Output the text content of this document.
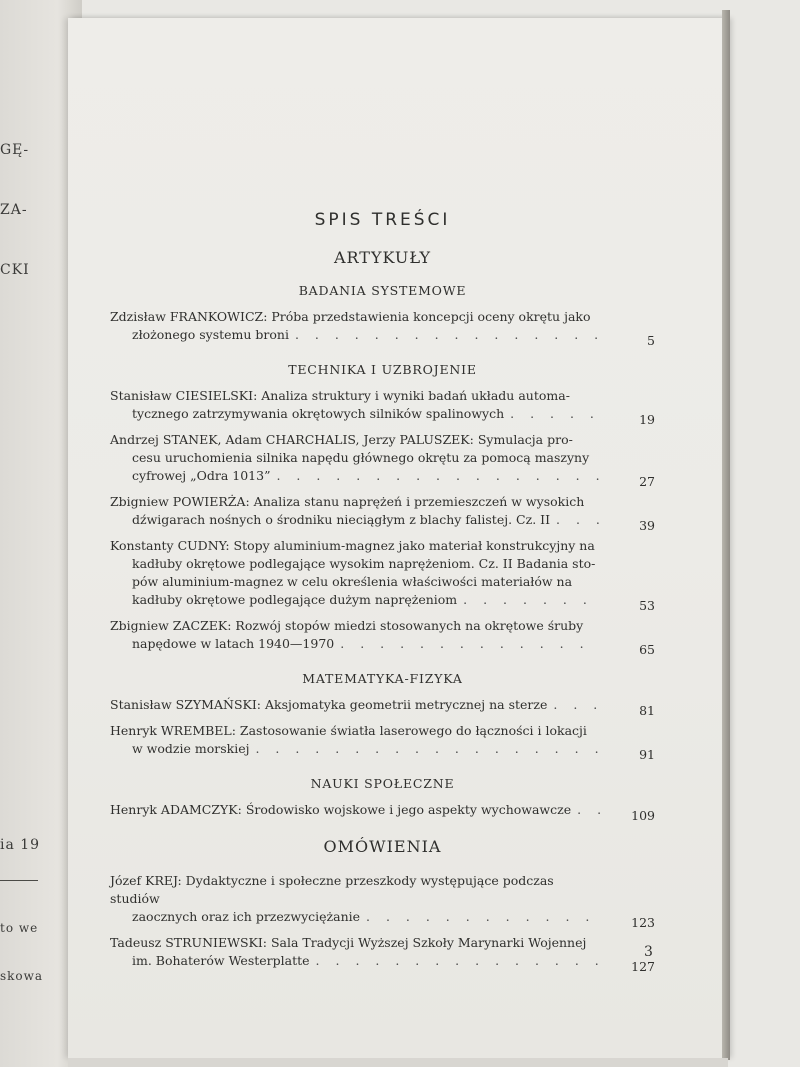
GĘ-

ZA-

CKI

ia 19

to we

skowa

SPIS TREŚCI
ARTYKUŁY
BADANIA SYSTEMOWE
Zdzisław FRANKOWICZ: Próba przedstawienia koncepcji oceny okrętu jako
złożonego systemu broni . . .	5
TECHNIKA I UZBROJENIE
Stanisław CIESIELSKI: Analiza struktury i wyniki badań układu automa-
tycznego zatrzymywania okrętowych silników spalinowych . . .	19
Andrzej STANEK, Adam CHARCHALIS, Jerzy PALUSZEK: Symulacja pro-
cesu uruchomienia silnika napędu głównego okrętu za pomocą maszyny
cyfrowej „Odra 1013” . . .	27
Zbigniew POWIERŻA: Analiza stanu naprężeń i przemieszczeń w wysokich
dźwigarach nośnych o środniku nieciągłym z blachy falistej. Cz. II . . .	39
Konstanty CUDNY: Stopy aluminium-magnez jako materiał konstrukcyjny na
kadłuby okrętowe podlegające wysokim naprężeniom. Cz. II Badania sto-
pów aluminium-magnez w celu określenia właściwości materiałów na
kadłuby okrętowe podlegające dużym naprężeniom . . .	53
Zbigniew ZACZEK: Rozwój stopów miedzi stosowanych na okrętowe śruby
napędowe w latach 1940—1970 . . .	65
MATEMATYKA-FIZYKA
Stanisław SZYMAŃSKI: Aksjomatyka geometrii metrycznej na sterze . . .	81
Henryk WREMBEL: Zastosowanie światła laserowego do łączności i lokacji
w wodzie morskiej . . .	91
NAUKI SPOŁECZNE
Henryk ADAMCZYK: Środowisko wojskowe i jego aspekty wychowawcze . . .	109
OMÓWIENIA
Józef KREJ: Dydaktyczne i społeczne przeszkody występujące podczas studiów
zaocznych oraz ich przezwyciężanie . . .	123
Tadeusz STRUNIEWSKI: Sala Tradycji Wyższej Szkoły Marynarki Wojennej
im. Bohaterów Westerplatte . . .	127
3
